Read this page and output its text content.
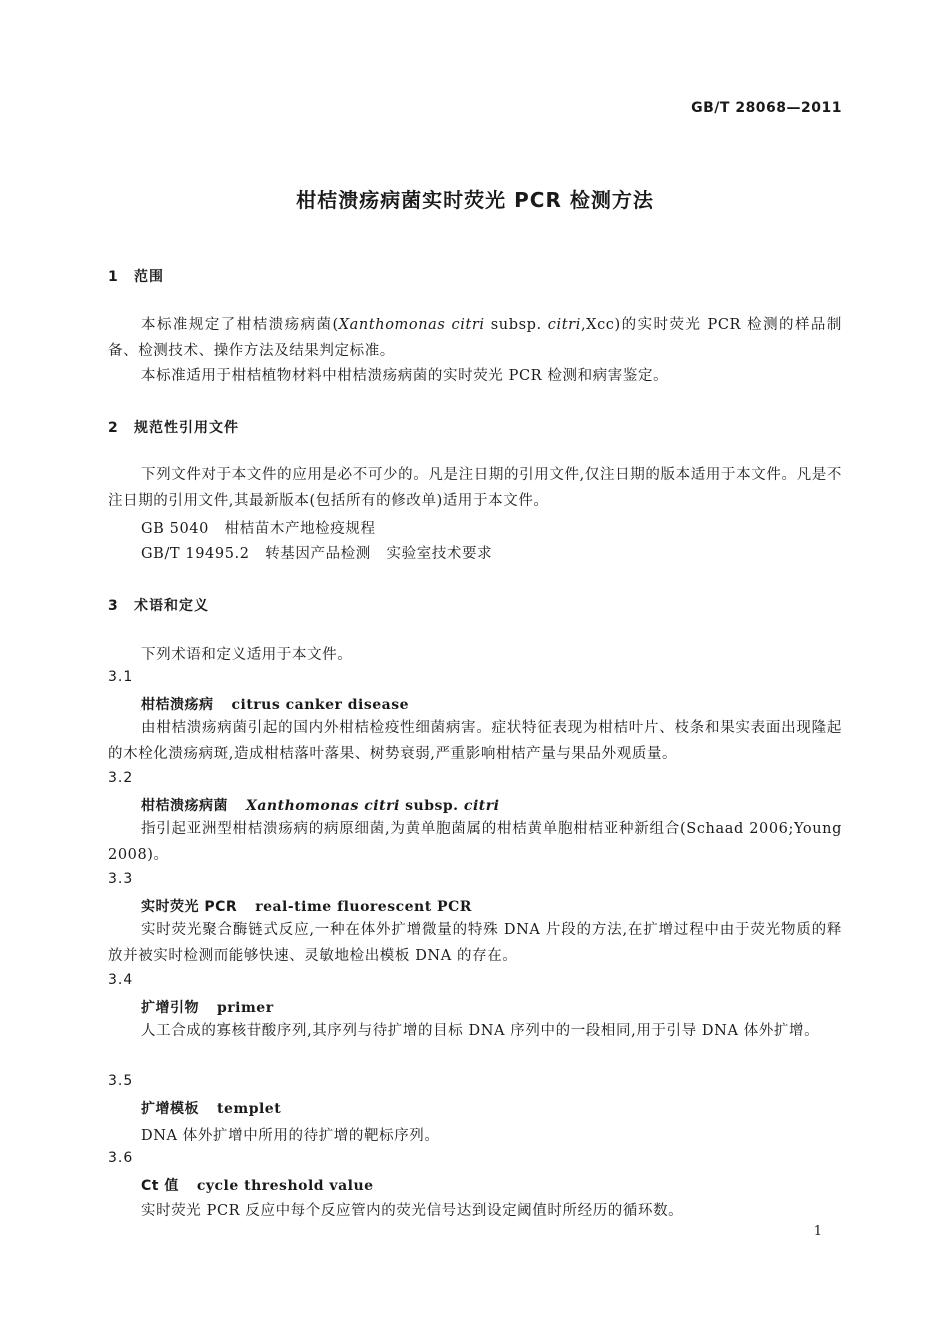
GB/T 28068—2011
柑桔溃疡病菌实时荧光 PCR 检测方法
1 范围

本标准规定了柑桔溃疡病菌(Xanthomonas citri subsp. citri,Xcc)的实时荧光 PCR 检测的样品制备、检测技术、操作方法及结果判定标准。

本标准适用于柑桔植物材料中柑桔溃疡病菌的实时荧光 PCR 检测和病害鉴定。

2 规范性引用文件

下列文件对于本文件的应用是必不可少的。凡是注日期的引用文件,仅注日期的版本适用于本文件。凡是不注日期的引用文件,其最新版本(包括所有的修改单)适用于本文件。

GB 5040   柑桔苗木产地检疫规程
GB/T 19495.2   转基因产品检测   实验室技术要求
3 术语和定义
下列术语和定义适用于本文件。
3.1
柑桔溃疡病 citrus canker disease

由柑桔溃疡病菌引起的国内外柑桔检疫性细菌病害。症状特征表现为柑桔叶片、枝条和果实表面出现隆起的木栓化溃疡病斑,造成柑桔落叶落果、树势衰弱,严重影响柑桔产量与果品外观质量。

3.2
柑桔溃疡病菌 Xanthomonas citri subsp. citri

指引起亚洲型柑桔溃疡病的病原细菌,为黄单胞菌属的柑桔黄单胞柑桔亚种新组合(Schaad 2006;Young 2008)。

3.3
实时荧光 PCR real-time fluorescent PCR

实时荧光聚合酶链式反应,一种在体外扩增微量的特殊 DNA 片段的方法,在扩增过程中由于荧光物质的释放并被实时检测而能够快速、灵敏地检出模板 DNA 的存在。

3.4
扩增引物 primer

人工合成的寡核苷酸序列,其序列与待扩增的目标 DNA 序列中的一段相同,用于引导 DNA 体外扩增。

3.5
扩增模板 templet
DNA 体外扩增中所用的待扩增的靶标序列。
3.6
Ct 值 cycle threshold value
实时荧光 PCR 反应中每个反应管内的荧光信号达到设定阈值时所经历的循环数。
1
